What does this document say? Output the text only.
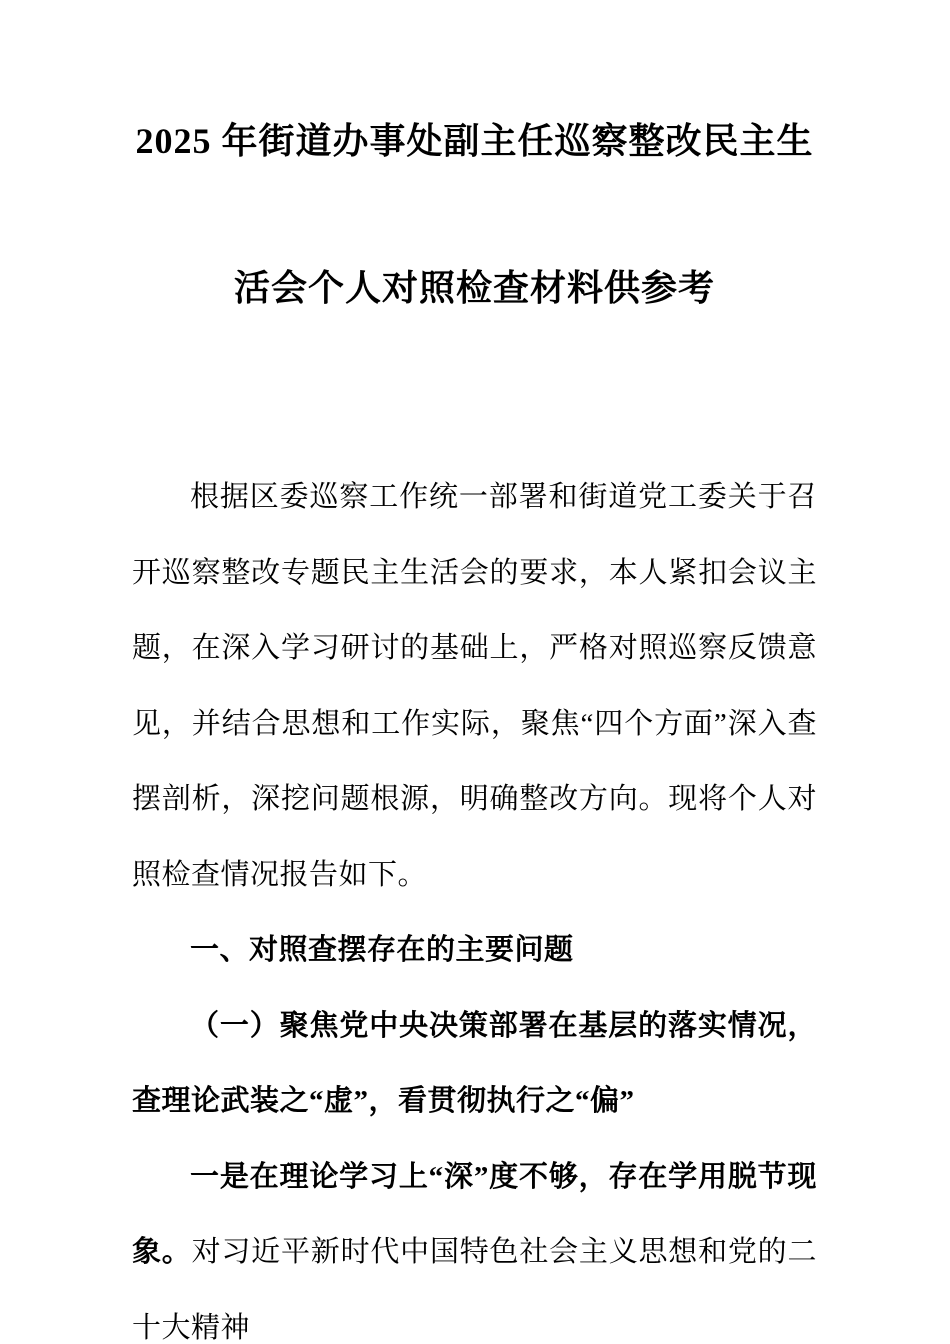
2025 年街道办事处副主任巡察整改民主生
活会个人对照检查材料供参考

根据区委巡察工作统一部署和街道党工委关于召开巡察整改专题民主生活会的要求，本人紧扣会议主题，在深入学习研讨的基础上，严格对照巡察反馈意见，并结合思想和工作实际，聚焦“四个方面”深入查摆剖析，深挖问题根源，明确整改方向。现将个人对照检查情况报告如下。

一、对照查摆存在的主要问题

（一）聚焦党中央决策部署在基层的落实情况，查理论武装之“虚”，看贯彻执行之“偏”

一是在理论学习上“深”度不够，存在学用脱节现象。对习近平新时代中国特色社会主义思想和党的二十大精神
